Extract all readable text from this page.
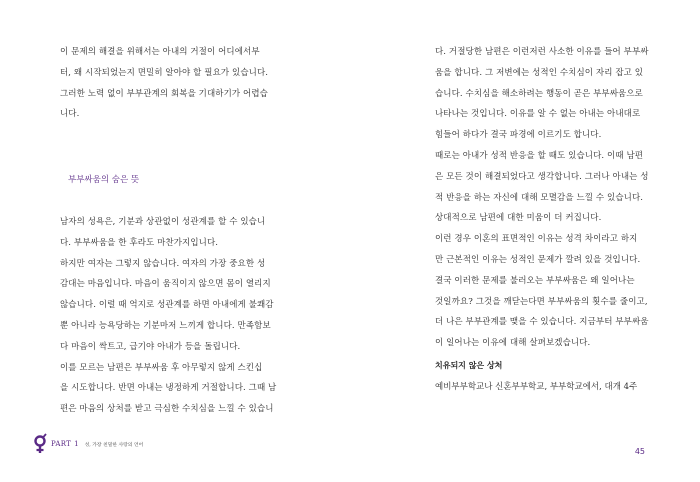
이 문제의 해결을 위해서는 아내의 거절이 어디에서부
터, 왜 시작되었는지 면밀히 알아야 할 필요가 있습니다.
그러한 노력 없이 부부관계의 회복을 기대하기가 어렵습
니다.
부부싸움의 숨은 뜻
남자의 성욕은, 기분과 상관없이 성관계를 할 수 있습니
다. 부부싸움을 한 후라도 마찬가지입니다.
하지만 여자는 그렇지 않습니다. 여자의 가장 중요한 성
감대는 마음입니다. 마음이 움직이지 않으면 몸이 열리지
않습니다. 이럴 때 억지로 성관계를 하면 아내에게 불쾌감
뿐 아니라 능욕당하는 기분마저 느끼게 합니다. 만족함보
다 마음이 싹트고, 급기야 아내가 등을 돌립니다.
이를 모르는 남편은 부부싸움 후 아무렇지 않게 스킨십
을 시도합니다. 반면 아내는 냉정하게 거절합니다. 그때 남
편은 마음의 상처를 받고 극심한 수치심을 느낄 수 있습니
PART 1 성, 가장 친밀한 사랑의 언어
다. 거절당한 남편은 이런저런 사소한 이유를 들어 부부싸
움을 합니다. 그 저변에는 성적인 수치심이 자리 잡고 있
습니다. 수치심을 해소하려는 행동이 곧은 부부싸움으로
나타나는 것입니다. 이유를 알 수 없는 아내는 아내대로
힘들어 하다가 결국 파경에 이르기도 합니다.
때로는 아내가 성적 반응을 할 때도 있습니다. 이때 남편
은 모든 것이 해결되었다고 생각합니다. 그러나 아내는 성
적 반응을 하는 자신에 대해 모멸감을 느낄 수 있습니다.
상대적으로 남편에 대한 미움이 더 커집니다.
이런 경우 이혼의 표면적인 이유는 성격 차이라고 하지
만 근본적인 이유는 성적인 문제가 깔려 있을 것입니다.
결국 이러한 문제를 불러오는 부부싸움은 왜 일어나는
것일까요? 그것을 깨닫는다면 부부싸움의 횟수를 줄이고,
더 나은 부부관계를 맺을 수 있습니다. 지금부터 부부싸움
이 일어나는 이유에 대해 살펴보겠습니다.
치유되지 않은 상처
예비부부학교나 신혼부부학교, 부부학교에서, 대개 4주
45
